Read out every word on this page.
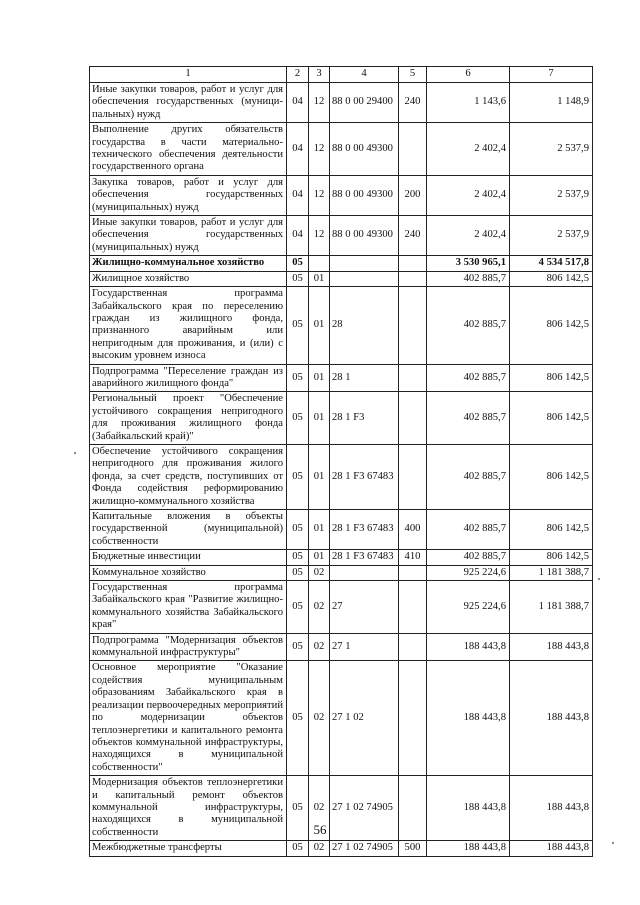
1	2	3	4	5	6	7
Иные закупки товаров, работ и услуг для обеспечения государственных (муници-пальных) нужд	04	12	88 0 00 29400	240	1 143,6	1 148,9
Выполнение других обязательств государства в части материально-технического обеспечения деятельности государственного органа	04	12	88 0 00 49300		2 402,4	2 537,9
Закупка товаров, работ и услуг для обеспечения государственных (муниципальных) нужд	04	12	88 0 00 49300	200	2 402,4	2 537,9
Иные закупки товаров, работ и услуг для обеспечения государственных (муниципальных) нужд	04	12	88 0 00 49300	240	2 402,4	2 537,9
Жилищно-коммунальное хозяйство	05				3 530 965,1	4 534 517,8
Жилищное хозяйство	05	01			402 885,7	806 142,5
Государственная программа Забайкальского края по переселению граждан из жилищного фонда, признанного аварийным или непригодным для проживания, и (или) с высоким уровнем износа	05	01	28		402 885,7	806 142,5
Подпрограмма "Переселение граждан из аварийного жилищного фонда"	05	01	28 1		402 885,7	806 142,5
Региональный проект "Обеспечение устойчивого сокращения непригодного для проживания жилищного фонда (Забайкальский край)"	05	01	28 1 F3		402 885,7	806 142,5
Обеспечение устойчивого сокращения непригодного для проживания жилого фонда, за счет средств, поступивших от Фонда содействия реформированию жилищно-коммунального хозяйства	05	01	28 1 F3 67483		402 885,7	806 142,5
Капитальные вложения в объекты государственной (муниципальной) собственности	05	01	28 1 F3 67483	400	402 885,7	806 142,5
Бюджетные инвестиции	05	01	28 1 F3 67483	410	402 885,7	806 142,5
Коммунальное хозяйство	05	02			925 224,6	1 181 388,7
Государственная программа Забайкальского края "Развитие жилищно-коммунального хозяйства Забайкальского края"	05	02	27		925 224,6	1 181 388,7
Подпрограмма "Модернизация объектов коммунальной инфраструктуры"	05	02	27 1		188 443,8	188 443,8
Основное мероприятие "Оказание содействия муниципальным образованиям Забайкальского края в реализации первоочередных мероприятий по модернизации объектов теплоэнергетики и капитального ремонта объектов коммунальной инфраструктуры, находящихся в муниципальной собственности"	05	02	27 1 02		188 443,8	188 443,8
Модернизация объектов теплоэнергетики и капитальный ремонт объектов коммунальной инфраструктуры, находящихся в муниципальной собственности	05	02	27 1 02 74905		188 443,8	188 443,8
Межбюджетные трансферты	05	02	27 1 02 74905	500	188 443,8	188 443,8
56
